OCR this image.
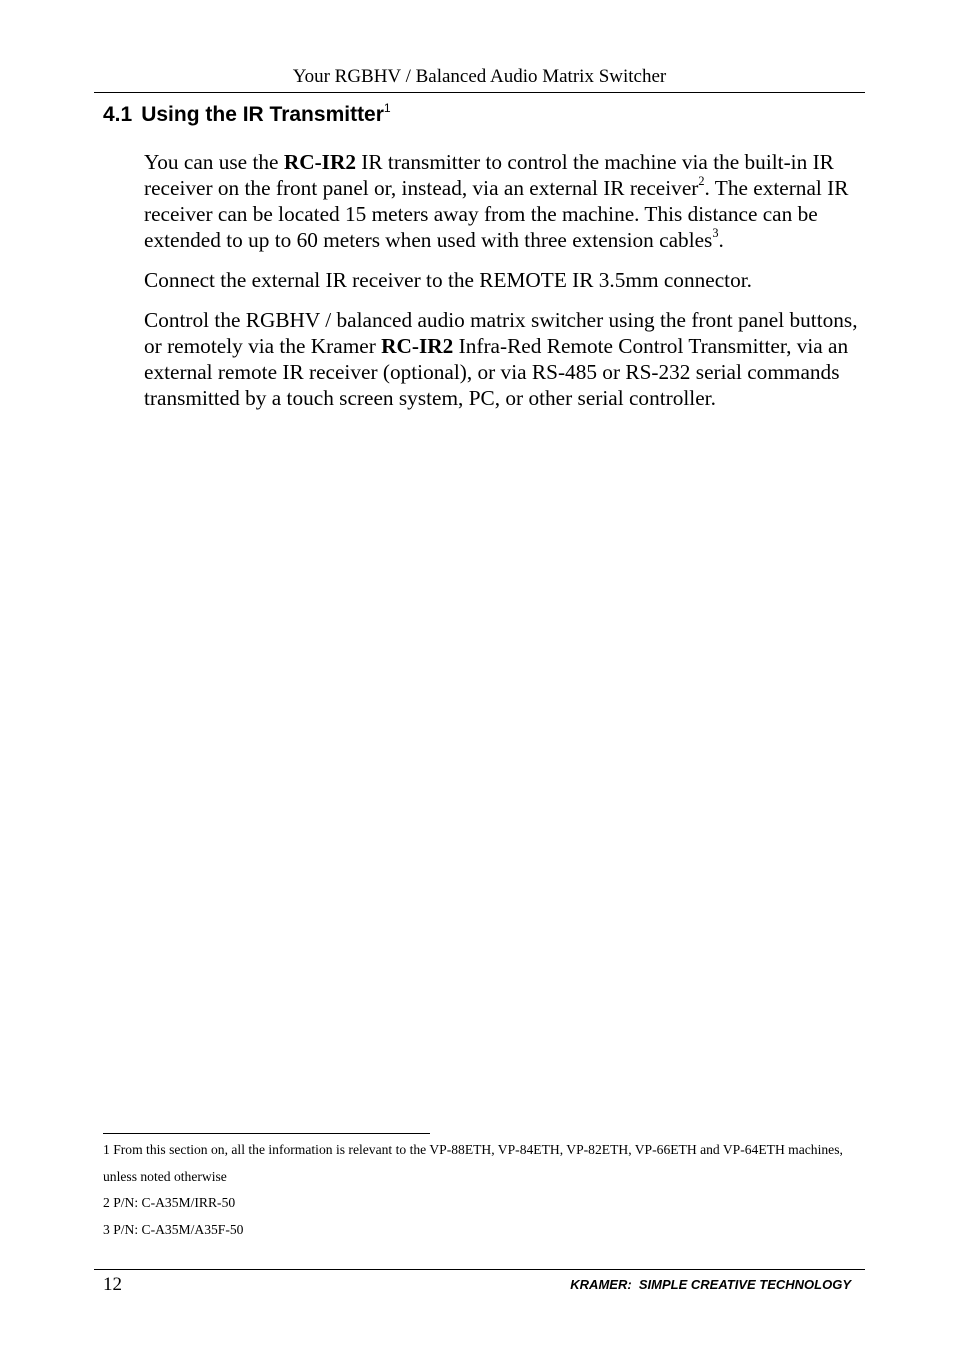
Your RGBHV / Balanced Audio Matrix Switcher
4.1 Using the IR Transmitter$^1$

You can use the RC-IR2 IR transmitter to control the machine via the built-in IR receiver on the front panel or, instead, via an external IR receiver$^2$. The external IR receiver can be located 15 meters away from the machine. This distance can be extended to up to 60 meters when used with three extension cables$^3$.

Connect the external IR receiver to the REMOTE IR 3.5mm connector.

Control the RGBHV / balanced audio matrix switcher using the front panel buttons, or remotely via the Kramer RC-IR2 Infra-Red Remote Control Transmitter, via an external remote IR receiver (optional), or via RS-485 or RS-232 serial commands transmitted by a touch screen system, PC, or other serial controller.

1 From this section on, all the information is relevant to the VP-88ETH, VP-84ETH, VP-82ETH, VP-66ETH and VP-64ETH machines, unless noted otherwise

2 P/N: C-A35M/IRR-50

3 P/N: C-A35M/A35F-50

12	KRAMER:  SIMPLE CREATIVE TECHNOLOGY
